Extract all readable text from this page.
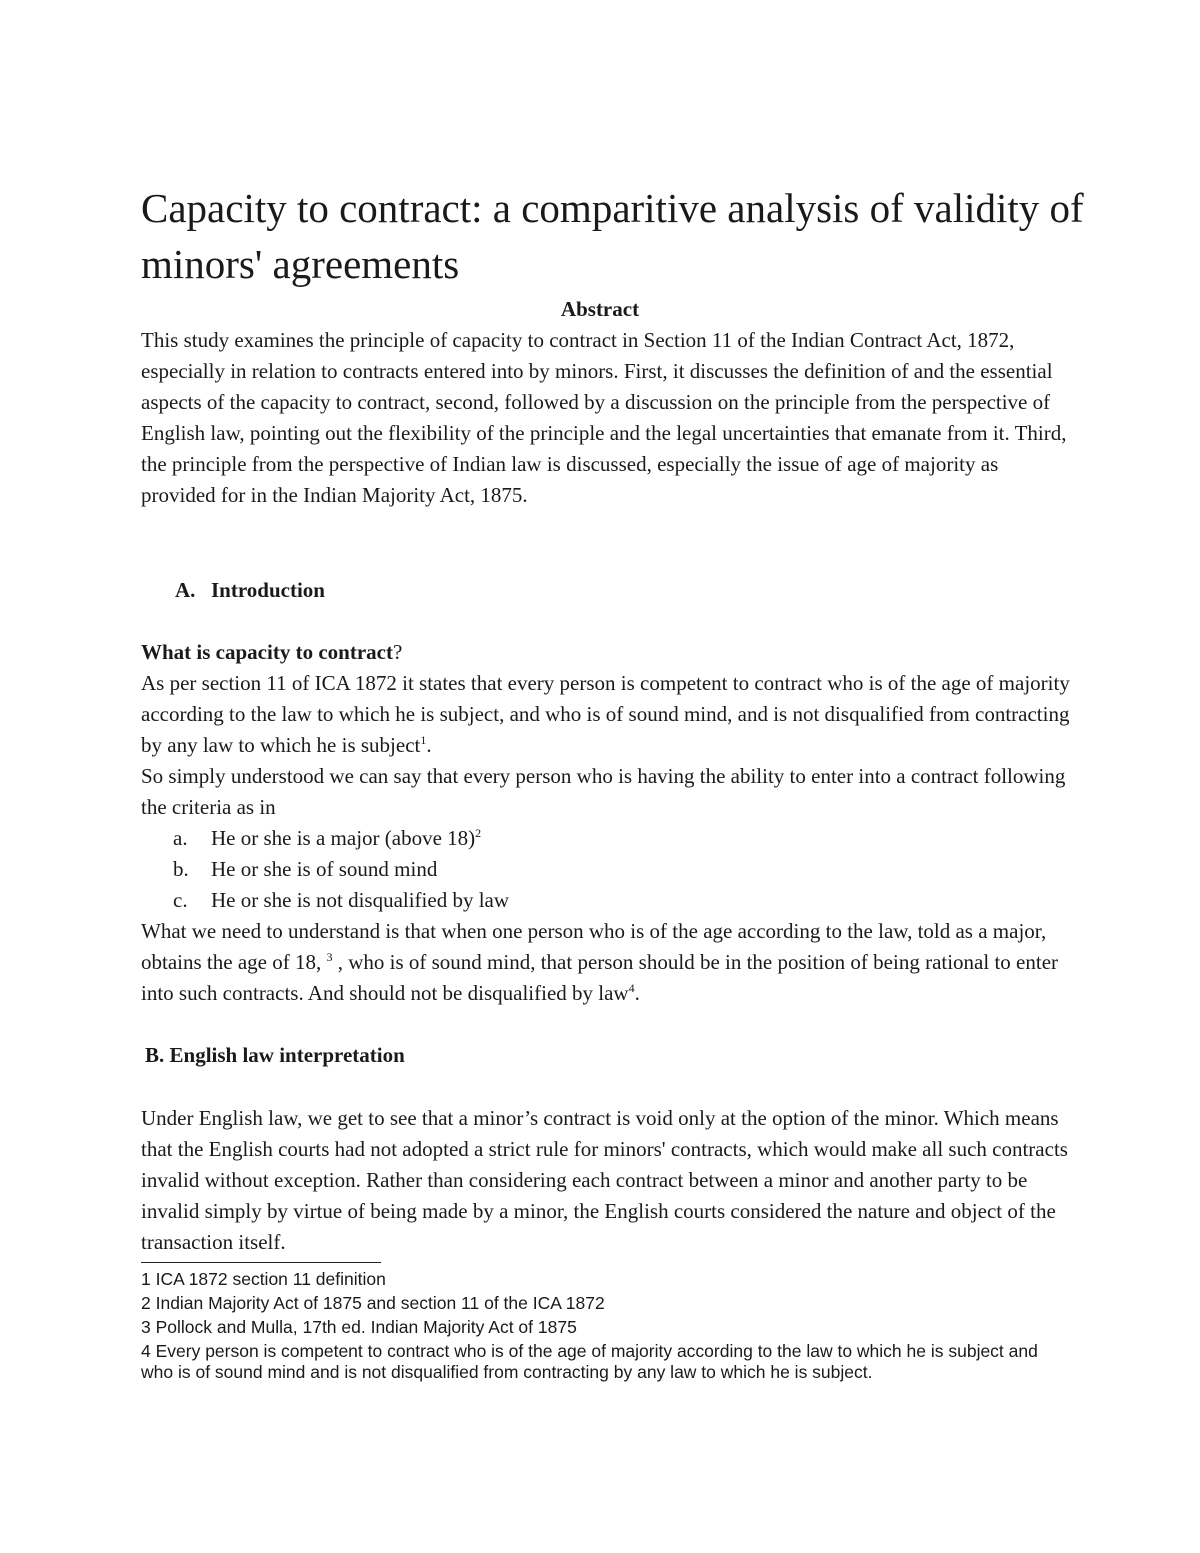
Capacity to contract: a comparitive analysis of validity of minors' agreements
Abstract

This study examines the principle of capacity to contract in Section 11 of the Indian Contract Act, 1872, especially in relation to contracts entered into by minors. First, it discusses the definition of and the essential aspects of the capacity to contract, second, followed by a discussion on the principle from the perspective of English law, pointing out the flexibility of the principle and the legal uncertainties that emanate from it. Third, the principle from the perspective of Indian law is discussed, especially the issue of age of majority as provided for in the Indian Majority Act, 1875.

A. Introduction

What is capacity to contract?

As per section 11 of ICA 1872 it states that every person is competent to contract who is of the age of majority according to the law to which he is subject, and who is of sound mind, and is not disqualified from contracting by any law to which he is subject$^1$.

So simply understood we can say that every person who is having the ability to enter into a contract following the criteria as in

a. He or she is a major (above 18)$^2$
b. He or she is of sound mind
c. He or she is not disqualified by law

What we need to understand is that when one person who is of the age according to the law, told as a major, obtains the age of 18, $^3$ , who is of sound mind, that person should be in the position of being rational to enter into such contracts. And should not be disqualified by law$^4$.

B. English law interpretation

Under English law, we get to see that a minor’s contract is void only at the option of the minor. Which means that the English courts had not adopted a strict rule for minors' contracts, which would make all such contracts invalid without exception. Rather than considering each contract between a minor and another party to be invalid simply by virtue of being made by a minor, the English courts considered the nature and object of the transaction itself.

1 ICA 1872 section 11 definition
2 Indian Majority Act of 1875 and section 11 of the ICA 1872
3 Pollock and Mulla, 17th ed. Indian Majority Act of 1875
4 Every person is competent to contract who is of the age of majority according to the law to which he is subject and who is of sound mind and is not disqualified from contracting by any law to which he is subject.
